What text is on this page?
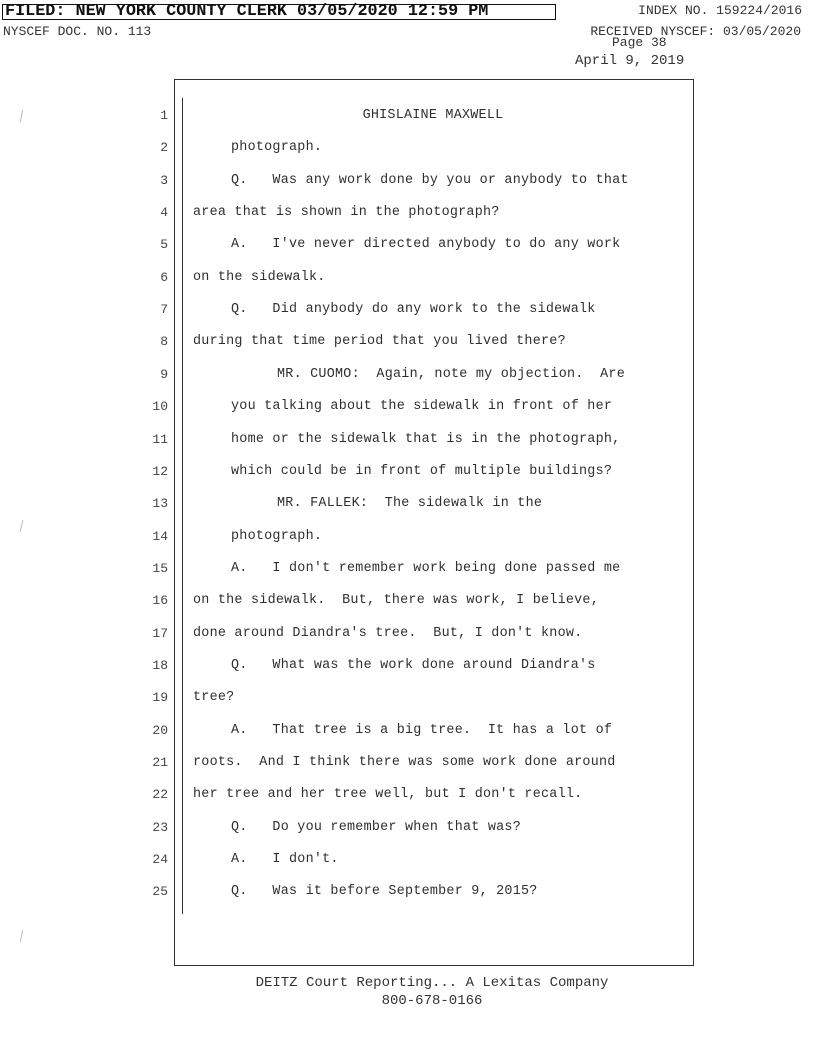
FILED: NEW YORK COUNTY CLERK 03/05/2020 12:59 PM	INDEX NO. 159224/2016
NYSCEF DOC. NO. 113	RECEIVED NYSCEF: 03/05/2020
Page 38
April 9, 2019
1	GHISLAINE MAXWELL
2	photograph.
3	Q.   Was any work done by you or anybody to that
4 area that is shown in the photograph?
5	A.   I've never directed anybody to do any work
6 on the sidewalk.
7	Q.   Did anybody do any work to the sidewalk
8 during that time period that you lived there?
9	MR. CUOMO:  Again, note my objection.  Are
10	you talking about the sidewalk in front of her
11	home or the sidewalk that is in the photograph,
12	which could be in front of multiple buildings?
13	MR. FALLEK:  The sidewalk in the
14	photograph.
15	A.   I don't remember work being done passed me
16 on the sidewalk.  But, there was work, I believe,
17 done around Diandra's tree.  But, I don't know.
18	Q.   What was the work done around Diandra's
19 tree?
20	A.   That tree is a big tree.  It has a lot of
21 roots.  And I think there was some work done around
22 her tree and her tree well, but I don't recall.
23	Q.   Do you remember when that was?
24	A.   I don't.
25	Q.   Was it before September 9, 2015?
DEITZ Court Reporting... A Lexitas Company
800-678-0166
